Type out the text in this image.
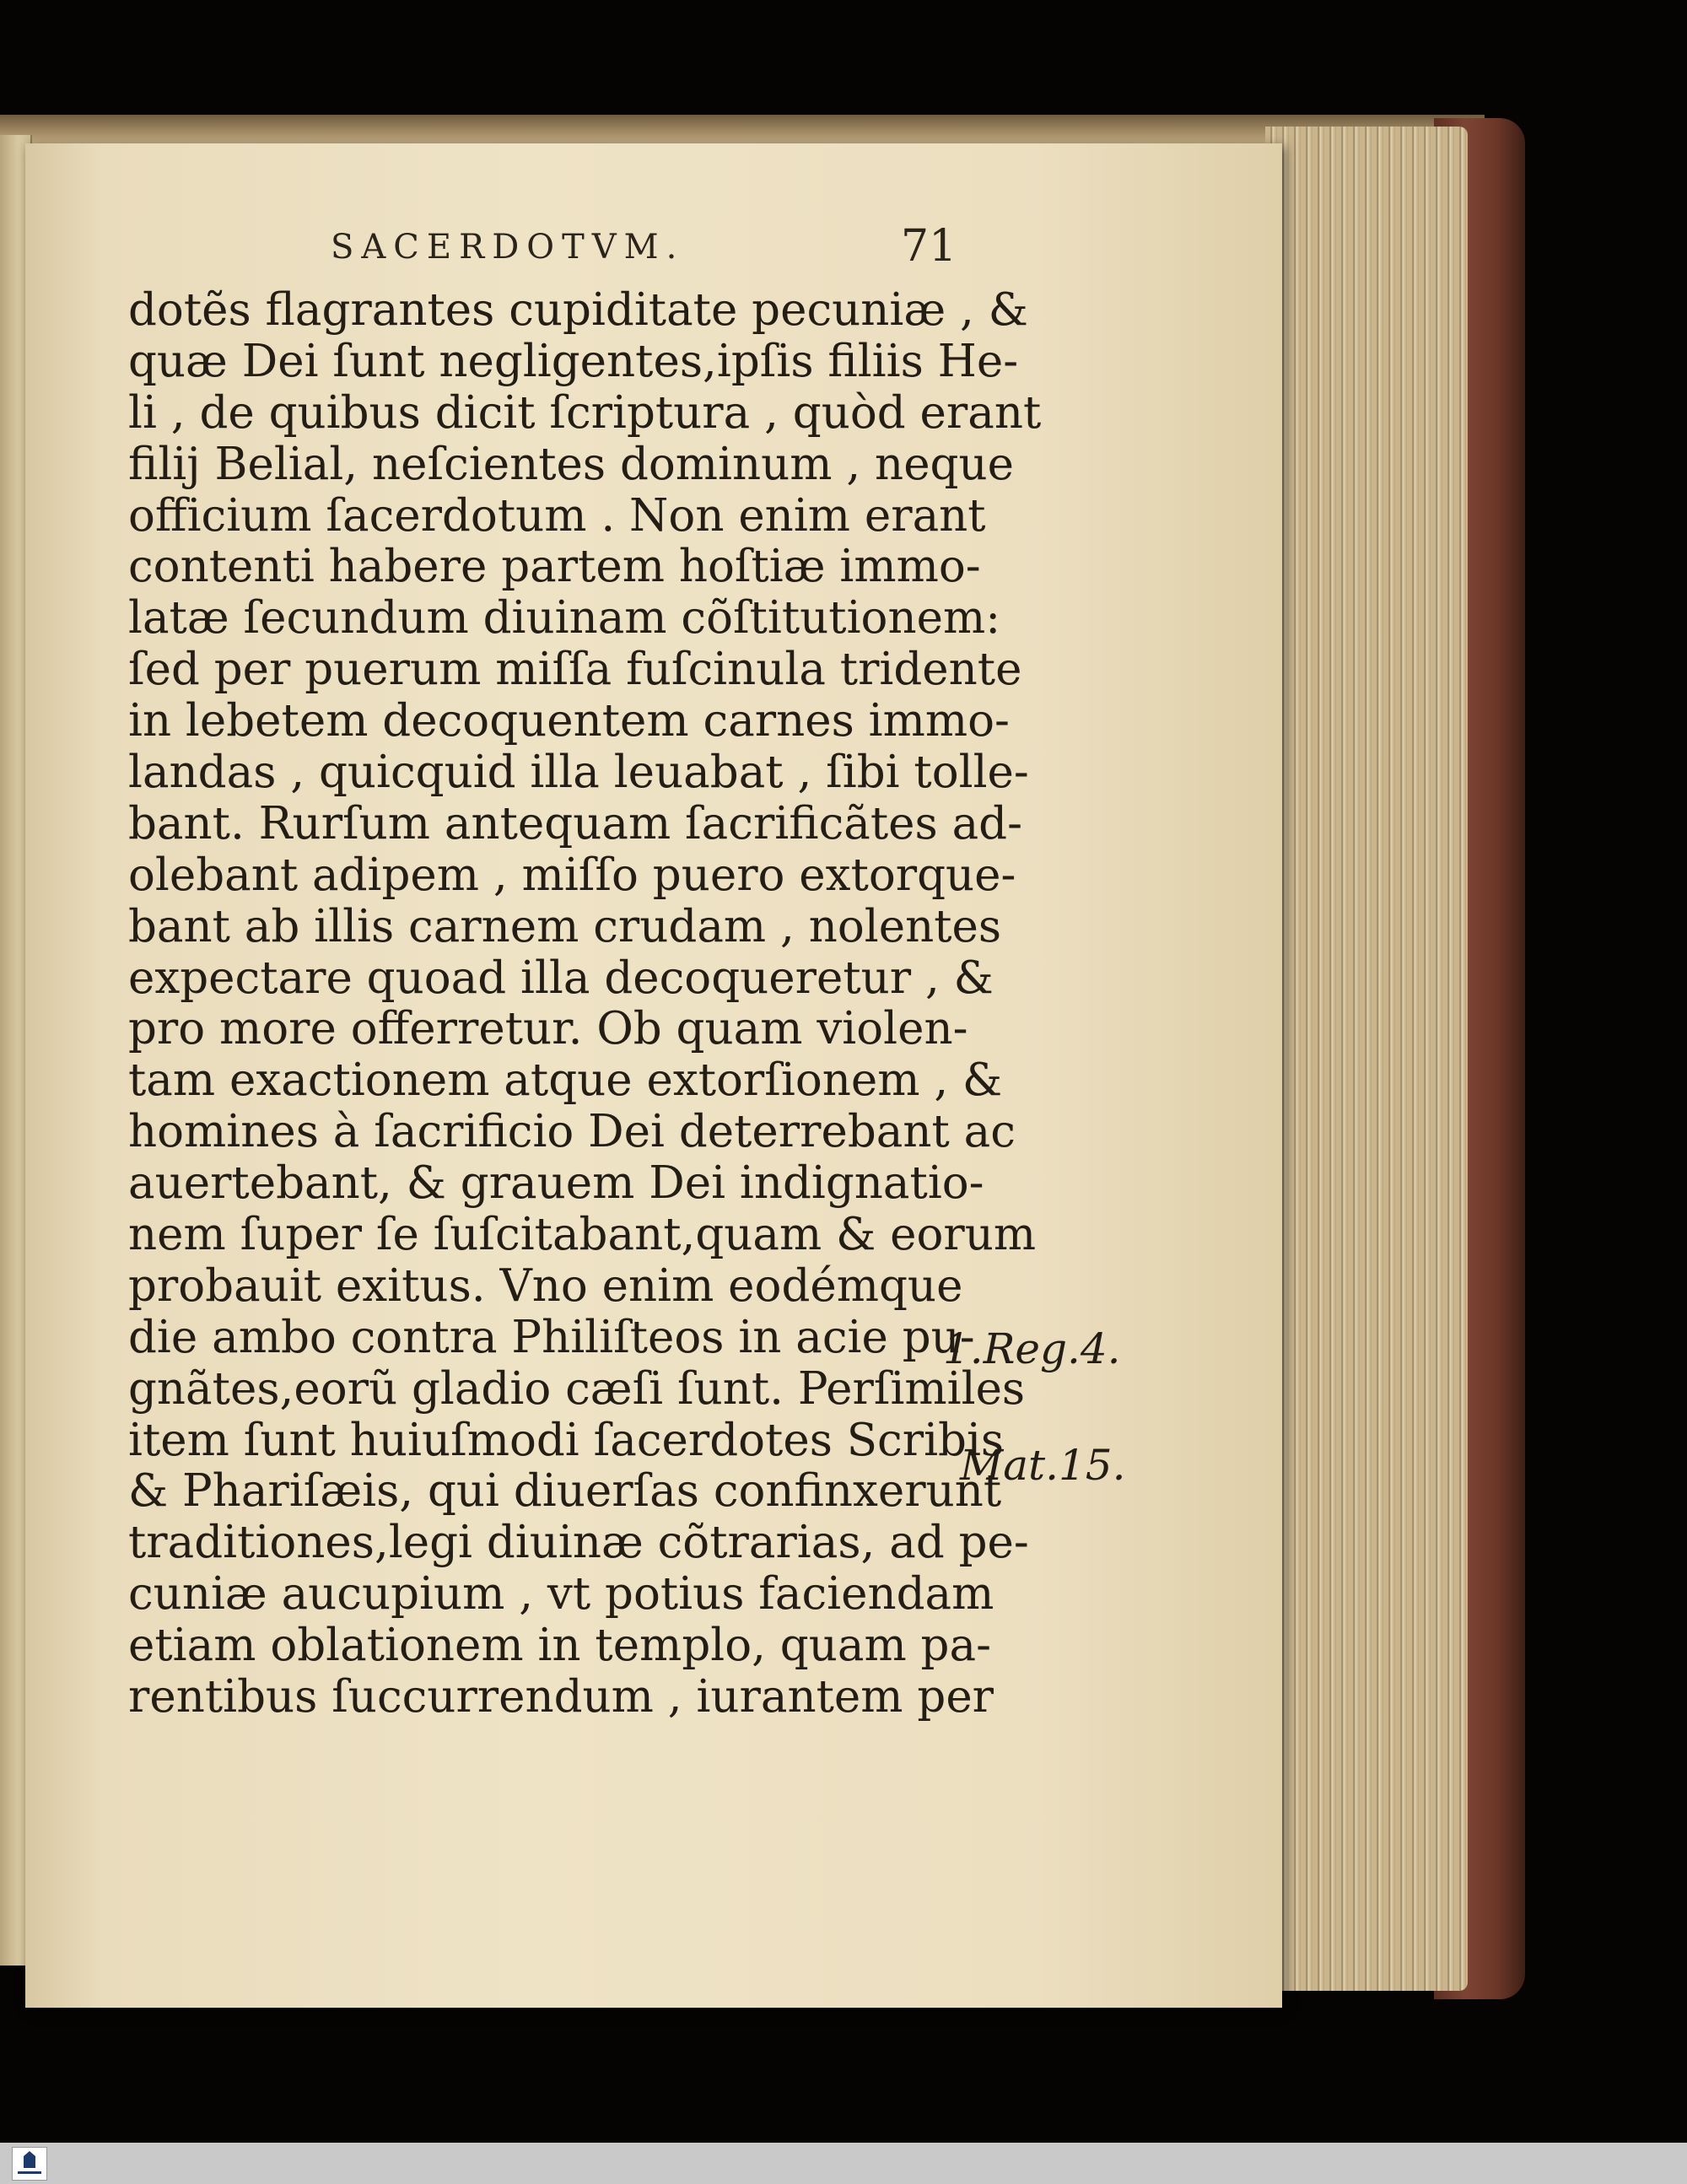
SACERDOTVM.	71
dotẽs flagrantes cupiditate pecuniæ , &
quæ Dei ſunt negligentes,ipſis filiis He-
li , de quibus dicit ſcriptura , quòd erant
filij Belial, neſcientes dominum , neque
officium ſacerdotum . Non enim erant
contenti habere partem hoſtiæ immo-
latæ ſecundum diuinam cõſtitutionem:
ſed per puerum miſſa fuſcinula tridente
in lebetem decoquentem carnes immo-
landas , quicquid illa leuabat , ſibi tolle-
bant. Rurſum antequam ſacrificãtes ad-
olebant adipem , miſſo puero extorque-
bant ab illis carnem crudam , nolentes
expectare quoad illa decoqueretur , &
pro more offerretur. Ob quam violen-
tam exactionem atque extorſionem , &
homines à ſacrificio Dei deterrebant ac
auertebant, & grauem Dei indignatio-
nem ſuper ſe ſuſcitabant,quam & eorum
probauit exitus. Vno enim eodémque
die ambo contra Philiſteos in acie pu-
gnãtes,eorũ gladio cæſi ſunt. Perſimiles
item ſunt huiuſmodi ſacerdotes Scribis
& Phariſæis, qui diuerſas confinxerunt
traditiones,legi diuinæ cõtrarias, ad pe-
cuniæ aucupium , vt potius faciendam
etiam oblationem in templo, quam pa-
rentibus ſuccurrendum , iurantem per
1.Reg.4.
Mat.15.
